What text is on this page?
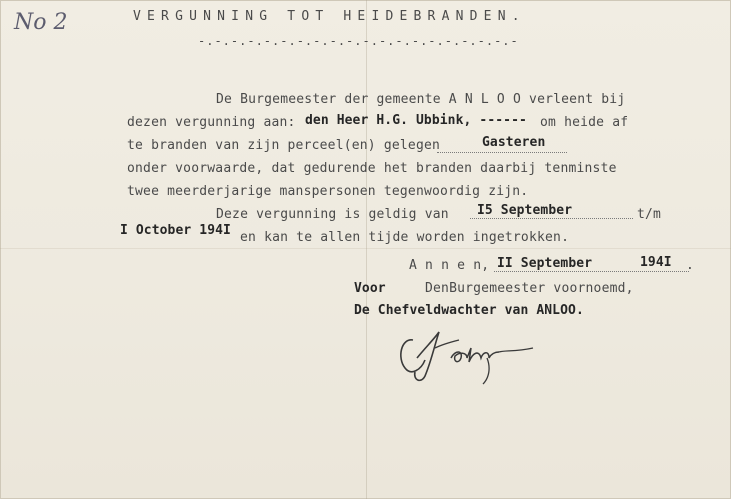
No 2	VERGUNNING TOT HEIDEBRANDEN.
-.-.-.-.-.-.-.-.-.-.-.-.-.-.-.-.-.-.-.-
De Burgemeester der gemeente A N L O O verleent bij
dezen vergunning aan: den Heer H.G. Ubbink, ------ om heide af
te branden van zijn perceel(en) gelegen	Gasteren
onder voorwaarde, dat gedurende het branden daarbij tenminste
twee meerderjarige manspersonen tegenwoordig zijn.
Deze vergunning is geldig van I5 September	t/m
I October 194I en kan te allen tijde worden ingetrokken.
A n n e n, II September	194I .
Voor	DenBurgemeester voornoemd,
De Chefveldwachter van ANLOO.
